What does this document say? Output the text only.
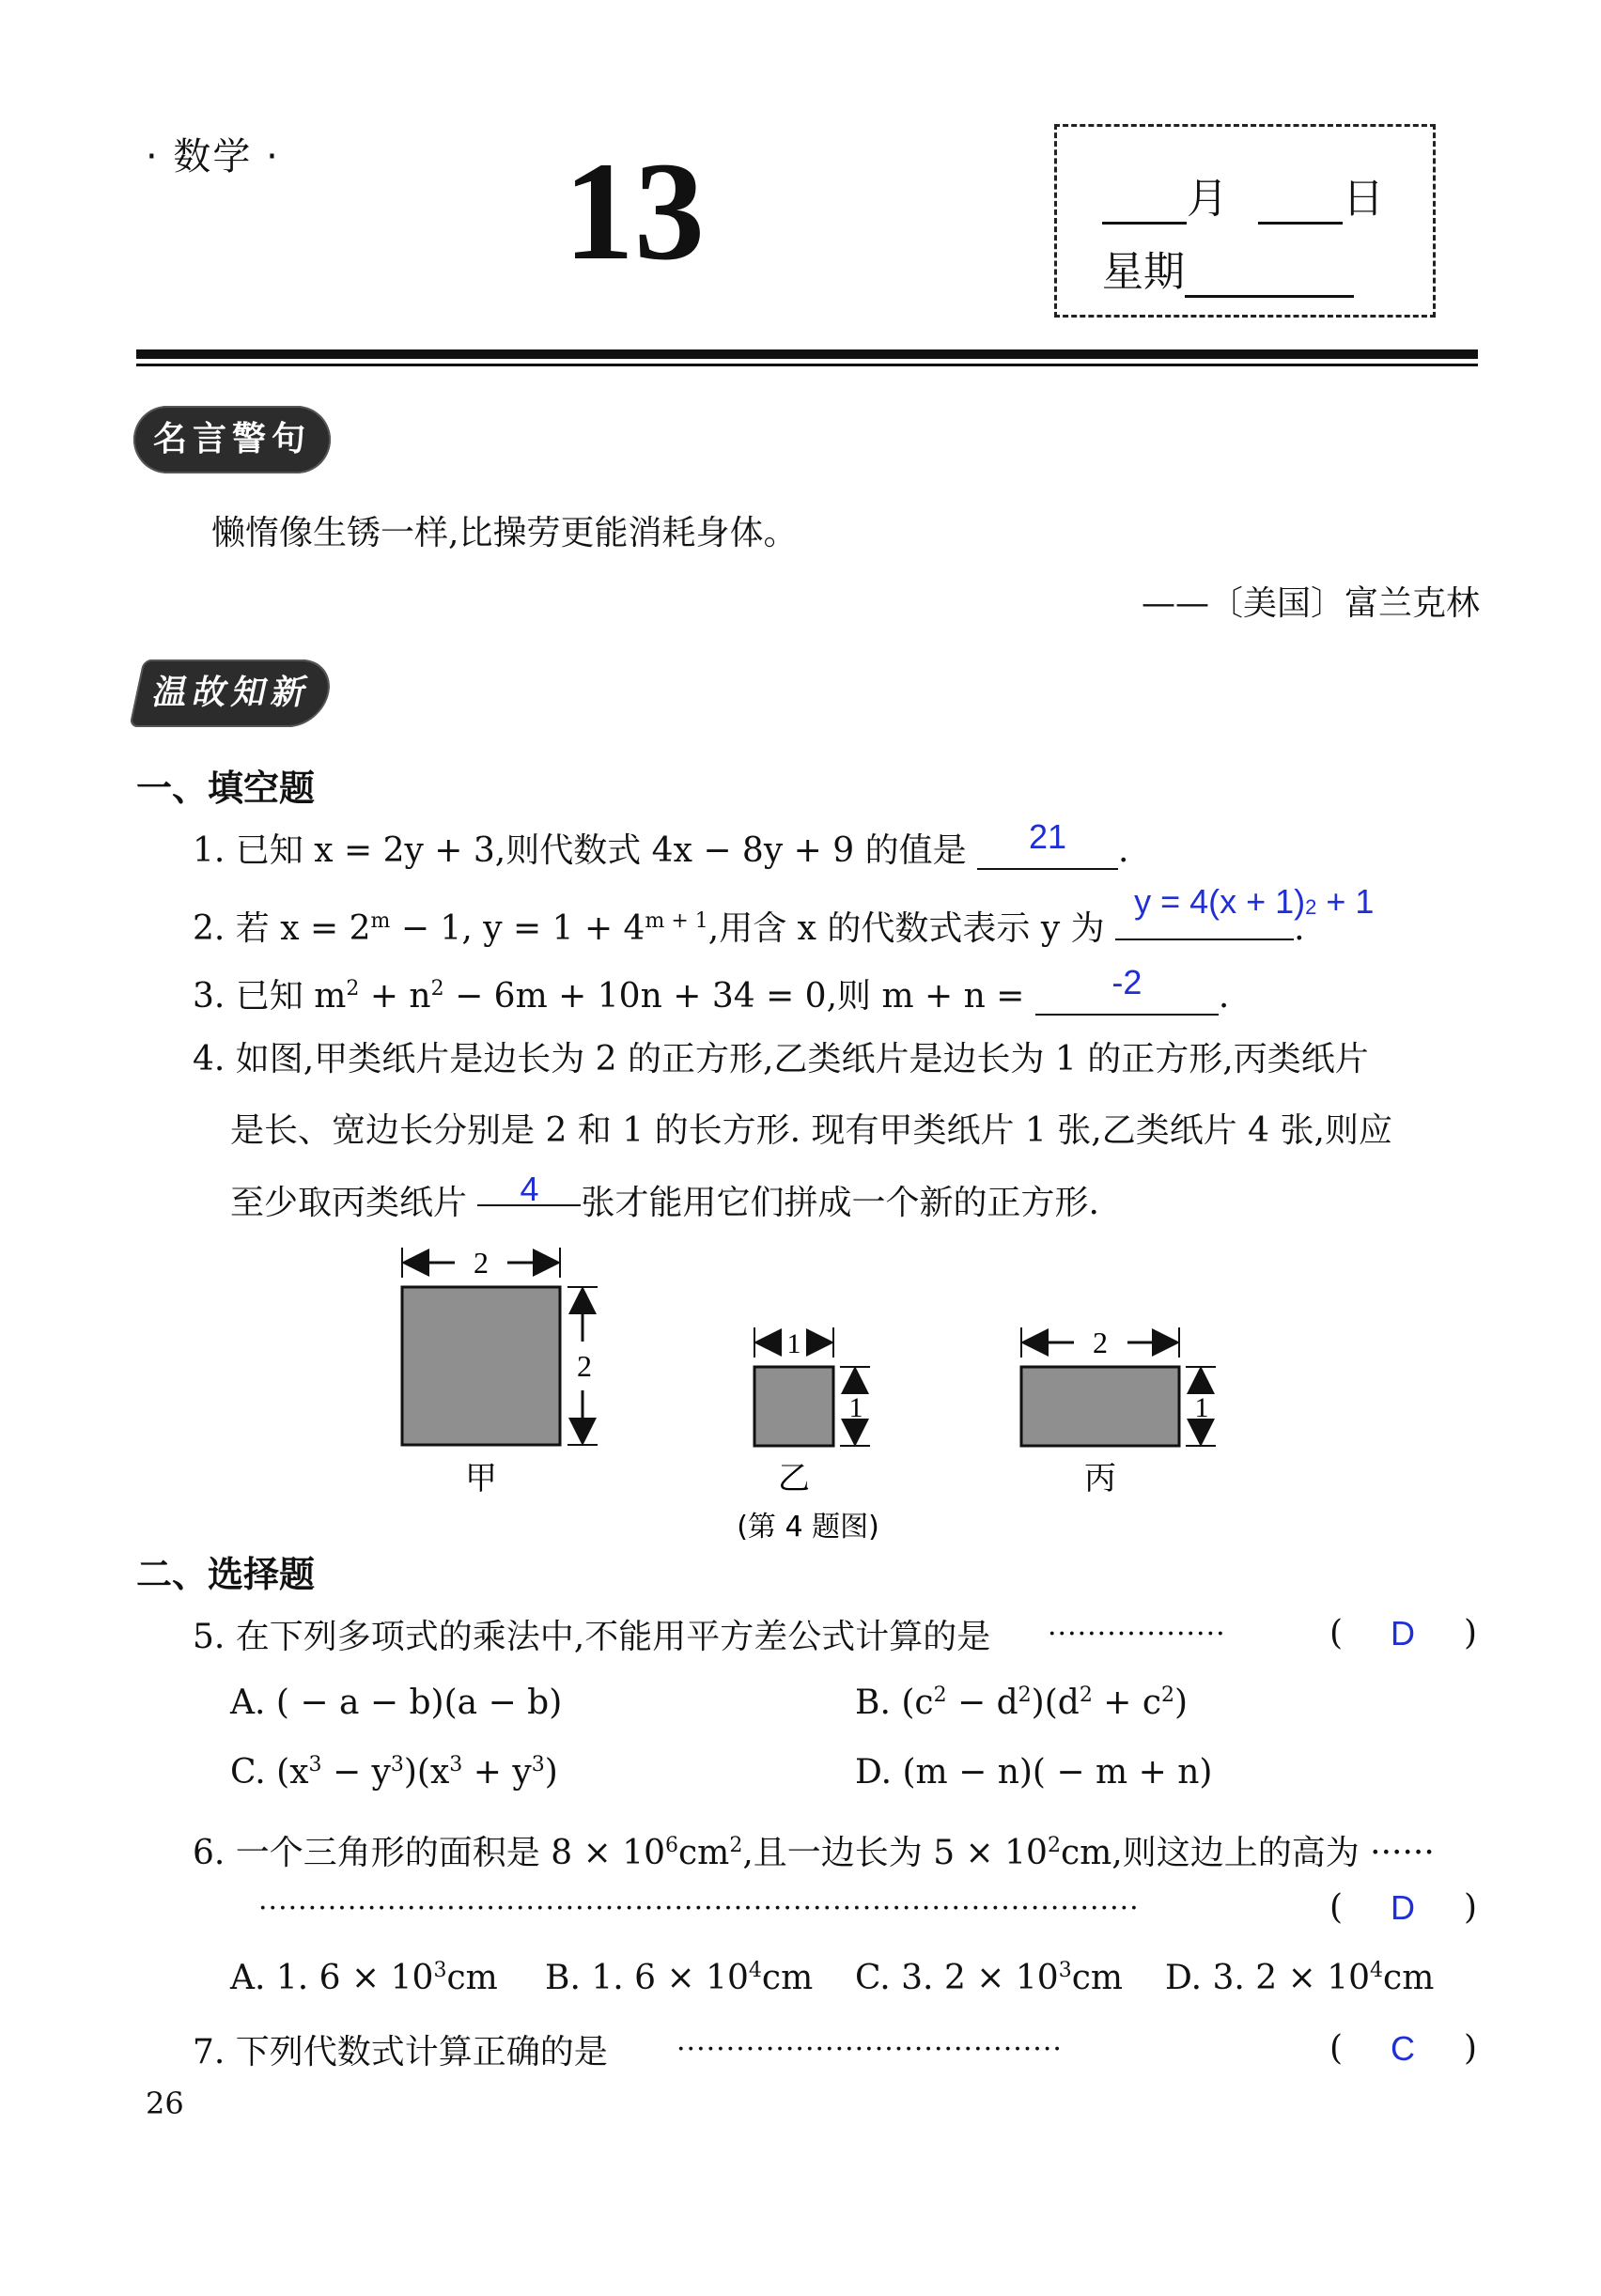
· 数学 · 13	月	日
星期
名言警句
懒惰像生锈一样,比操劳更能消耗身体。
——〔美国〕富兰克林
温故知新
一、填空题
1. 已知 x = 2y + 3,则代数式 4x − 8y + 9 的值是 21 .
2. 若 $x = 2^m - 1$, $y = 1 + 4^{m + 1}$,用含 x 的代数式表示 y 为 $y = 4(x + 1)^2 + 1$.
3. 已知 $m^2 + n^2 - 6m + 10n + 34 = 0$,则 m + n = -2 .
4. 如图,甲类纸片是边长为 2 的正方形,乙类纸片是边长为 1 的正方形,丙类纸片
是长、宽边长分别是 2 和 1 的长方形. 现有甲类纸片 1 张,乙类纸片 4 张,则应
至少取丙类纸片 4 张才能用它们拼成一个新的正方形.
2
2
甲
1
1
乙
2
1
丙
(第 4 题图)
二、选择题
5. 在下列多项式的乘法中,不能用平方差公式计算的是 ··················	( D )
A. ( − a − b)(a − b)	B. $(c^2 - d^2)(d^2 + c^2)$
C. $(x^3 - y^3)(x^3 + y^3)$	D. (m − n)( − m + n)
6. 一个三角形的面积是 $8 \times 10^6cm^2$,且一边长为 $5 \times 10^2cm$,则这边上的高为 ······
·························································································	( D )
A. 1. $6 \times 10^3cm$ B. 1. $6 \times 10^4cm$ C. 3. $2 \times 10^3cm$ D. 3. $2 \times 10^4cm$
7. 下列代数式计算正确的是 ·······································	( C )
26
